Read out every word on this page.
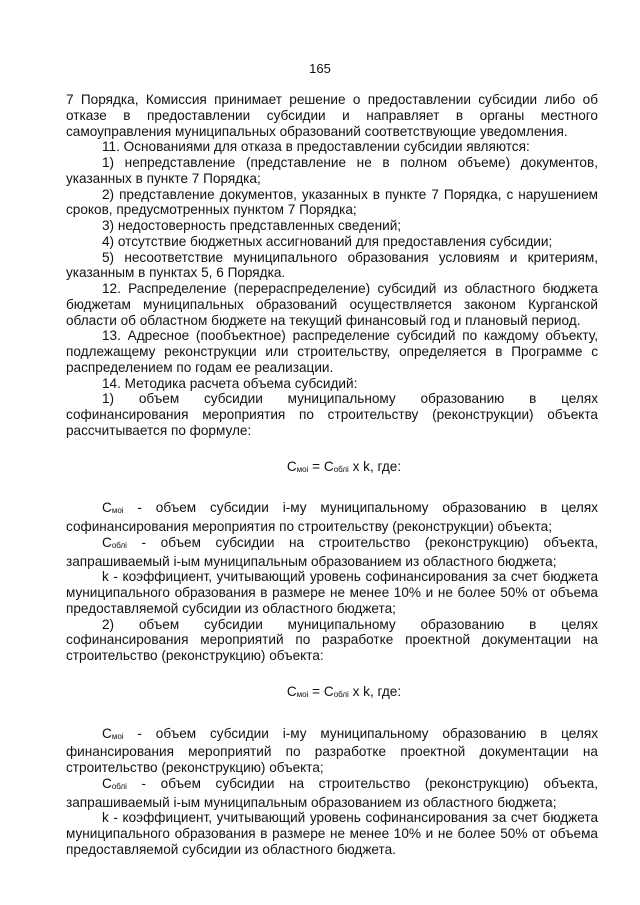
165

7 Порядка, Комиссия принимает решение о предоставлении субсидии либо об отказе в предоставлении субсидии и направляет в органы местного самоуправления муниципальных образований соответствующие уведомления.

11. Основаниями для отказа в предоставлении субсидии являются:

1) непредставление (представление не в полном объеме) документов, указанных в пункте 7 Порядка;

2) представление документов, указанных в пункте 7 Порядка, с нарушением сроков, предусмотренных пунктом 7 Порядка;

3) недостоверность представленных сведений;

4) отсутствие бюджетных ассигнований для предоставления субсидии;

5) несоответствие муниципального образования условиям и критериям, указанным в пунктах 5, 6 Порядка.

12. Распределение (перераспределение) субсидий из областного бюджета бюджетам муниципальных образований осуществляется законом Курганской области об областном бюджете на текущий финансовый год и плановый период.

13. Адресное (пообъектное) распределение субсидий по каждому объекту, подлежащему реконструкции или строительству, определяется в Программе с распределением по годам ее реализации.

14. Методика расчета объема субсидий:

1) объем субсидии муниципальному образованию в целях софинансирования мероприятия по строительству (реконструкции) объекта рассчитывается по формуле:

$C_{мoi} = C_{облi}$ x k, где:

$C_{мoi}$ - объем субсидии i-му муниципальному образованию в целях софинансирования мероприятия по строительству (реконструкции) объекта;

$C_{облi}$ - объем субсидии на строительство (реконструкцию) объекта, запрашиваемый i-ым муниципальным образованием из областного бюджета;

k - коэффициент, учитывающий уровень софинансирования за счет бюджета муниципального образования в размере не менее 10% и не более 50% от объема предоставляемой субсидии из областного бюджета;

2) объем субсидии муниципальному образованию в целях софинансирования мероприятий по разработке проектной документации на строительство (реконструкцию) объекта:

$C_{мoi} = C_{облi}$ x k, где:

$C_{мoi}$ - объем субсидии i-му муниципальному образованию в целях финансирования мероприятий по разработке проектной документации на строительство (реконструкцию) объекта;

$C_{облi}$ - объем субсидии на строительство (реконструкцию) объекта, запрашиваемый i-ым муниципальным образованием из областного бюджета;

k - коэффициент, учитывающий уровень софинансирования за счет бюджета муниципального образования в размере не менее 10% и не более 50% от объема предоставляемой субсидии из областного бюджета.
